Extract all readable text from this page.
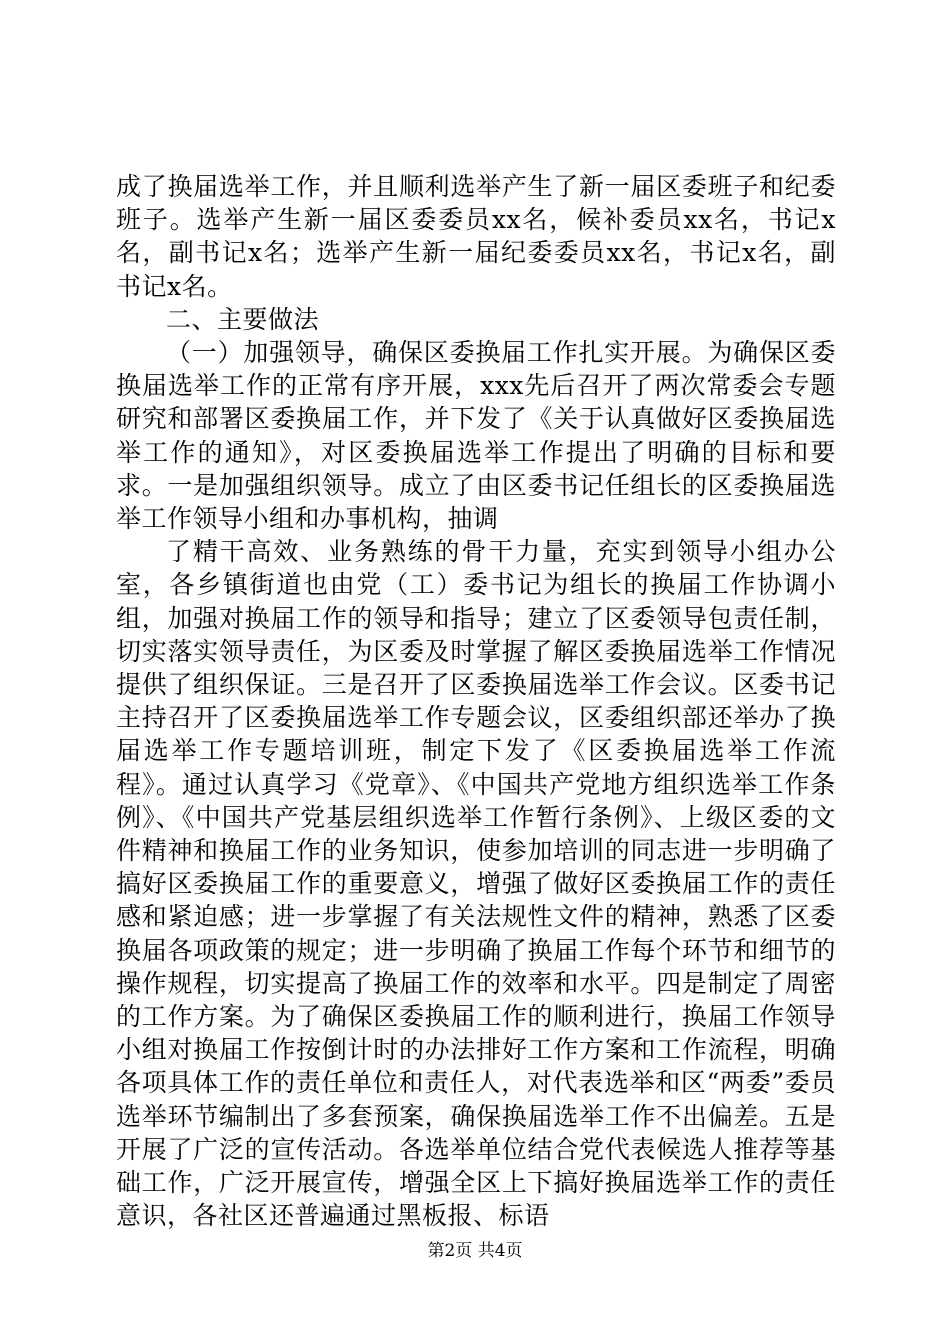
成了换届选举工作，并且顺利选举产生了新一届区委班子和纪委班子。选举产生新一届区委委员xx名，候补委员xx名，书记x名，副书记x名；选举产生新一届纪委委员xx名，书记x名，副书记x名。

二、主要做法

（一）加强领导，确保区委换届工作扎实开展。为确保区委换届选举工作的正常有序开展，xxx先后召开了两次常委会专题研究和部署区委换届工作，并下发了《关于认真做好区委换届选举工作的通知》，对区委换届选举工作提出了明确的目标和要求。一是加强组织领导。成立了由区委书记任组长的区委换届选举工作领导小组和办事机构，抽调

了精干高效、业务熟练的骨干力量，充实到领导小组办公室，各乡镇街道也由党（工）委书记为组长的换届工作协调小组，加强对换届工作的领导和指导；建立了区委领导包责任制，切实落实领导责任，为区委及时掌握了解区委换届选举工作情况提供了组织保证。三是召开了区委换届选举工作会议。区委书记主持召开了区委换届选举工作专题会议，区委组织部还举办了换届选举工作专题培训班，制定下发了《区委换届选举工作流程》。通过认真学习《党章》、《中国共产党地方组织选举工作条例》、《中国共产党基层组织选举工作暂行条例》、上级区委的文件精神和换届工作的业务知识，使参加培训的同志进一步明确了搞好区委换届工作的重要意义，增强了做好区委换届工作的责任感和紧迫感；进一步掌握了有关法规性文件的精神，熟悉了区委换届各项政策的规定；进一步明确了换届工作每个环节和细节的操作规程，切实提高了换届工作的效率和水平。四是制定了周密的工作方案。为了确保区委换届工作的顺利进行，换届工作领导小组对换届工作按倒计时的办法排好工作方案和工作流程，明确各项具体工作的责任单位和责任人，对代表选举和区“两委”委员选举环节编制出了多套预案，确保换届选举工作不出偏差。五是开展了广泛的宣传活动。各选举单位结合党代表候选人推荐等基础工作，广泛开展宣传，增强全区上下搞好换届选举工作的责任意识，各社区还普遍通过黑板报、标语

第2页 共4页
